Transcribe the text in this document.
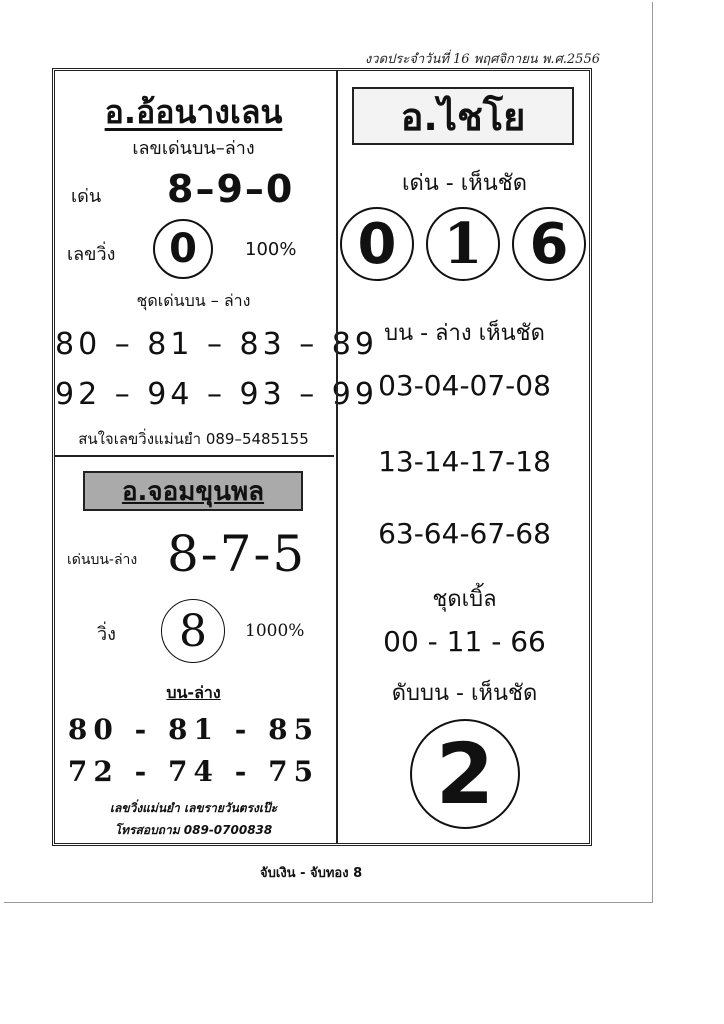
งวดประจำวันที่ 16 พฤศจิกายน พ.ศ.2556
อ.อ้อนางเลน
เลขเด่นบน–ล่าง
เด่น 8–9–0
เลขวิ่ง	0	100%
ชุดเด่นบน – ล่าง
80 – 81 – 83 – 89
92 – 94 – 93 – 99
สนใจเลขวิ่งแม่นยำ 089–5485155
อ.จอมขุนพล
เด่นบน-ล่าง 8-7-5
วิ่ง	8	1000%
บน-ล่าง
80 - 81 - 85
72 - 74 - 75
เลขวิ่งแม่นยำ เลขรายวันตรงเป๊ะ
โทรสอบถาม 089-0700838
อ.ไชโย
เด่น - เห็นชัด
0 1 6
บน - ล่าง เห็นชัด
03-04-07-08
13-14-17-18
63-64-67-68
ชุดเบิ้ล
00 - 11 - 66
ดับบน - เห็นชัด
2
จับเงิน - จับทอง 8
